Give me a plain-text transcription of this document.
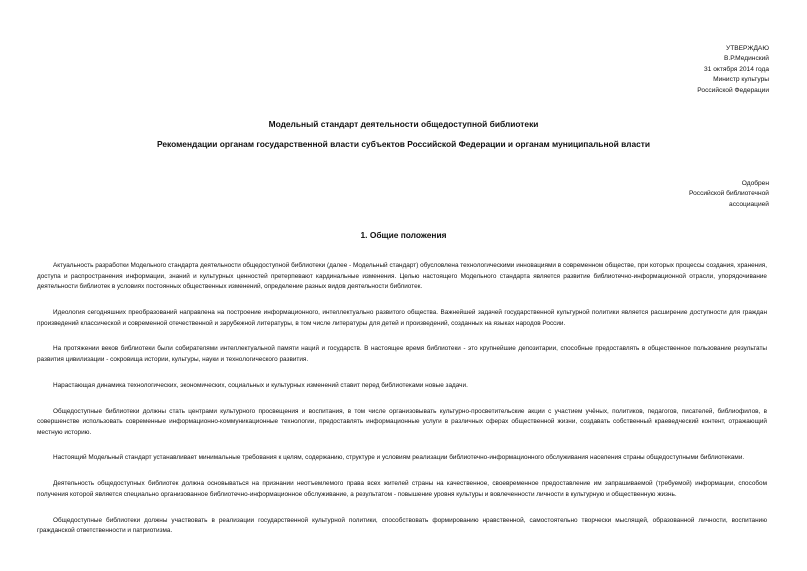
УТВЕРЖДАЮ
В.Р.Мединский
31 октября 2014 года
Министр культуры
Российской Федерации
Модельный стандарт деятельности общедоступной библиотеки
Рекомендации органам государственной власти субъектов Российской Федерации и органам муниципальной власти
Одобрен
Российской библиотечной
ассоциацией
1. Общие положения

Актуальность разработки Модельного стандарта деятельности общедоступной библиотеки (далее - Модельный стандарт) обусловлена технологическими инновациями в современном обществе, при которых процессы создания, хранения, доступа и распространения информации, знаний и культурных ценностей претерпевают кардинальные изменения. Целью настоящего Модельного стандарта является развитие библиотечно-информационной отрасли, упорядочивание деятельности библиотек в условиях постоянных общественных изменений, определение разных видов деятельности библиотек.

Идеология сегодняшних преобразований направлена на построение информационного, интеллектуально развитого общества. Важнейшей задачей государственной культурной политики является расширение доступности для граждан произведений классической и современной отечественной и зарубежной литературы, в том числе литературы для детей и произведений, созданных на языках народов России.

На протяжении веков библиотеки были собирателями интеллектуальной памяти наций и государств. В настоящее время библиотеки - это крупнейшие депозитарии, способные предоставлять в общественное пользование результаты развития цивилизации - сокровища истории, культуры, науки и технологического развития.

Нарастающая динамика технологических, экономических, социальных и культурных изменений ставит перед библиотеками новые задачи.

Общедоступные библиотеки должны стать центрами культурного просвещения и воспитания, в том числе организовывать культурно-просветительские акции с участием учёных, политиков, педагогов, писателей, библиофилов, в совершенстве использовать современные информационно-коммуникационные технологии, предоставлять информационные услуги в различных сферах общественной жизни, создавать собственный краеведческий контент, отражающий местную историю.

Настоящий Модельный стандарт устанавливает минимальные требования к целям, содержанию, структуре и условиям реализации библиотечно-информационного обслуживания населения страны общедоступными библиотеками.

Деятельность общедоступных библиотек должна основываться на признании неотъемлемого права всех жителей страны на качественное, своевременное предоставление им запрашиваемой (требуемой) информации, способом получения которой является специально организованное библиотечно-информационное обслуживание, а результатом - повышение уровня культуры и вовлеченности личности в культурную и общественную жизнь.

Общедоступные библиотеки должны участвовать в реализации государственной культурной политики, способствовать формированию нравственной, самостоятельно творчески мыслящей, образованной личности, воспитанию гражданской ответственности и патриотизма.
